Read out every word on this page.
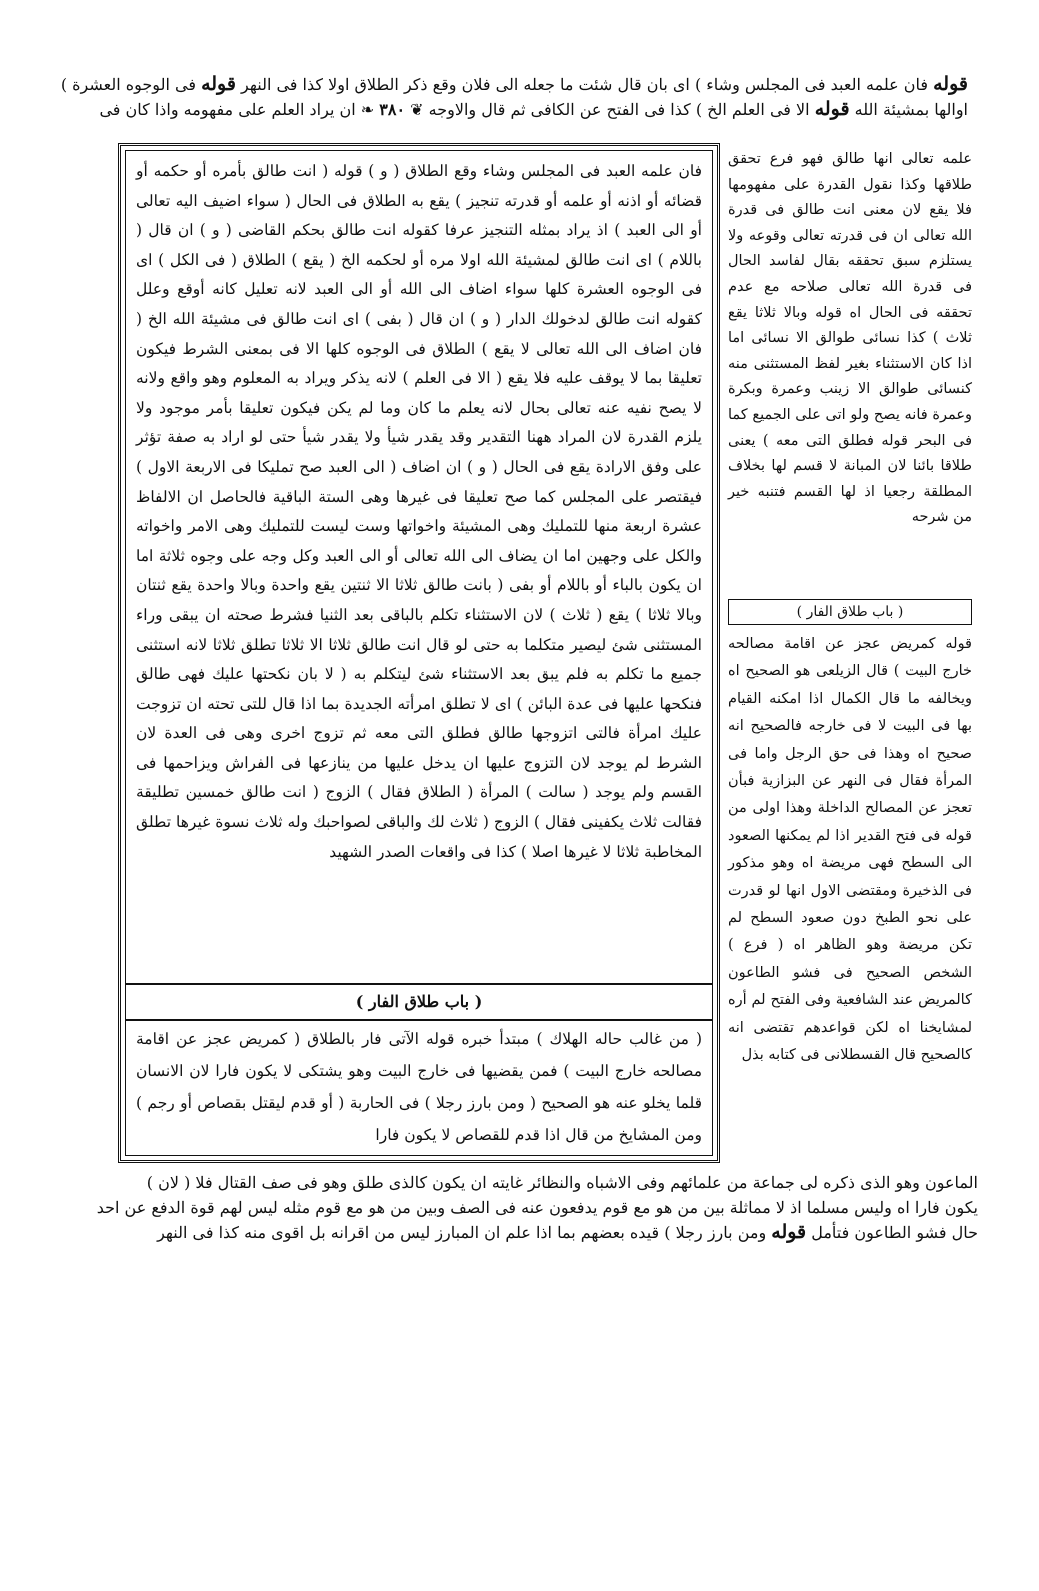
قوله فان علمه العبد فى المجلس وشاء ) اى بان قال شئت ما جعله الى فلان وقع ذكر الطلاق اولا كذا فى النهر قوله فى الوجوه العشرة )
اوالها بمشيئة الله قوله الا فى العلم الخ ) كذا فى الفتح عن الكافى ثم قال والاوجه ❦ ٣٨٠ ❧ ان يراد العلم على مفهومه واذا كان فى
فان علمه العبد فى المجلس وشاء وقع الطلاق ( و ) قوله ( انت طالق بأمره أو حكمه أو قضائه أو اذنه أو علمه أو قدرته تنجيز ) يقع به الطلاق فى الحال ( سواء اضيف اليه تعالى أو الى العبد ) اذ يراد بمثله التنجيز عرفا كقوله انت طالق بحكم القاضى ( و ) ان قال ( باللام ) اى انت طالق لمشيئة الله اولا مره أو لحكمه الخ ( يقع ) الطلاق ( فى الكل ) اى فى الوجوه العشرة كلها سواء اضاف الى الله أو الى العبد لانه تعليل كانه أوقع وعلل كقوله انت طالق لدخولك الدار ( و ) ان قال ( بفى ) اى انت طالق فى مشيئة الله الخ ( فان اضاف الى الله تعالى لا يقع ) الطلاق فى الوجوه كلها الا فى بمعنى الشرط فيكون تعليقا بما لا يوقف عليه فلا يقع ( الا فى العلم ) لانه يذكر ويراد به المعلوم وهو واقع ولانه لا يصح نفيه عنه تعالى بحال لانه يعلم ما كان وما لم يكن فيكون تعليقا بأمر موجود ولا يلزم القدرة لان المراد ههنا التقدير وقد يقدر شيأ ولا يقدر شيأ حتى لو اراد به صفة تؤثر على وفق الارادة يقع فى الحال ( و ) ان اضاف ( الى العبد صح تمليكا فى الاربعة الاول ) فيقتصر على المجلس كما صح تعليقا فى غيرها وهى الستة الباقية فالحاصل ان الالفاظ عشرة اربعة منها للتمليك وهى المشيئة واخواتها وست ليست للتمليك وهى الامر واخواته والكل على وجهين اما ان يضاف الى الله تعالى أو الى العبد وكل وجه على وجوه ثلاثة اما ان يكون بالباء أو باللام أو بفى ( بانت طالق ثلاثا الا ثنتين يقع واحدة وبالا واحدة يقع ثنتان وبالا ثلاثا ) يقع ( ثلاث ) لان الاستثناء تكلم بالباقى بعد الثنيا فشرط صحته ان يبقى وراء المستثنى شئ ليصير متكلما به حتى لو قال انت طالق ثلاثا الا ثلاثا تطلق ثلاثا لانه استثنى جميع ما تكلم به فلم يبق بعد الاستثناء شئ ليتكلم به ( لا بان نكحتها عليك فهى طالق فنكحها عليها فى عدة البائن ) اى لا تطلق امرأته الجديدة بما اذا قال للتى تحته ان تزوجت عليك امرأة فالتى اتزوجها طالق فطلق التى معه ثم تزوج اخرى وهى فى العدة لان الشرط لم يوجد لان التزوج عليها ان يدخل عليها من ينازعها فى الفراش ويزاحمها فى القسم ولم يوجد ( سالت ) المرأة ( الطلاق فقال ) الزوج ( انت طالق خمسين تطليقة فقالت ثلاث يكفينى فقال ) الزوج ( ثلاث لك والباقى لصواحبك وله ثلاث نسوة غيرها تطلق المخاطبة ثلاثا لا غيرها اصلا ) كذا فى واقعات الصدر الشهيد
( باب طلاق الفار )
( من غالب حاله الهلاك ) مبتدأ خبره قوله الآتى فار بالطلاق ( كمريض عجز عن اقامة مصالحه خارج البيت ) فمن يقضيها فى خارج البيت وهو يشتكى لا يكون فارا لان الانسان قلما يخلو عنه هو الصحيح ( ومن بارز رجلا ) فى الحاربة ( أو قدم ليقتل بقصاص أو رجم ) ومن المشايخ من قال اذا قدم للقصاص لا يكون فارا
علمه تعالى انها طالق فهو فرع تحقق طلاقها وكذا نقول القدرة على مفهومها فلا يقع لان معنى انت طالق فى قدرة الله تعالى ان فى قدرته تعالى وقوعه ولا يستلزم سبق تحققه بقال لفاسد الحال فى قدرة الله تعالى صلاحه مع عدم تحققه فى الحال اه قوله وبالا ثلاثا يقع ثلاث ) كذا نسائى طوالق الا نسائى اما اذا كان الاستثناء بغير لفظ المستثنى منه كنسائى طوالق الا زينب وعمرة وبكرة وعمرة فانه يصح ولو اتى على الجميع كما فى البحر قوله فطلق التى معه ) يعنى طلاقا بائنا لان المبانة لا قسم لها بخلاف المطلقة رجعيا اذ لها القسم فتنبه خير من شرحه
( باب طلاق الفار )
قوله كمريض عجز عن اقامة مصالحه خارج البيت ) قال الزيلعى هو الصحيح اه ويخالفه ما قال الكمال اذا امكنه القيام بها فى البيت لا فى خارجه فالصحيح انه صحيح اه وهذا فى حق الرجل واما فى المرأة فقال فى النهر عن البزازية فبأن تعجز عن المصالح الداخلة وهذا اولى من قوله فى فتح القدير اذا لم يمكنها الصعود الى السطح فهى مريضة اه وهو مذكور فى الذخيرة ومقتضى الاول انها لو قدرت على نحو الطبخ دون صعود السطح لم تكن مريضة وهو الظاهر اه ( فرع ) الشخص الصحيح فى فشو الطاعون كالمريض عند الشافعية وفى الفتح لم أره لمشايخنا اه لكن قواعدهم تقتضى انه كالصحيح قال القسطلانى فى كتابه بذل
الماعون وهو الذى ذكره لى جماعة من علمائهم وفى الاشباه والنظائر غايته ان يكون كالذى طلق وهو فى صف القتال فلا ( لان )
يكون فارا اه وليس مسلما اذ لا مماثلة بين من هو مع قوم يدفعون عنه فى الصف وبين من هو مع قوم مثله ليس لهم قوة الدفع عن احد
حال فشو الطاعون فتأمل قوله ومن بارز رجلا ) قيده بعضهم بما اذا علم ان المبارز ليس من اقرانه بل اقوى منه كذا فى النهر
